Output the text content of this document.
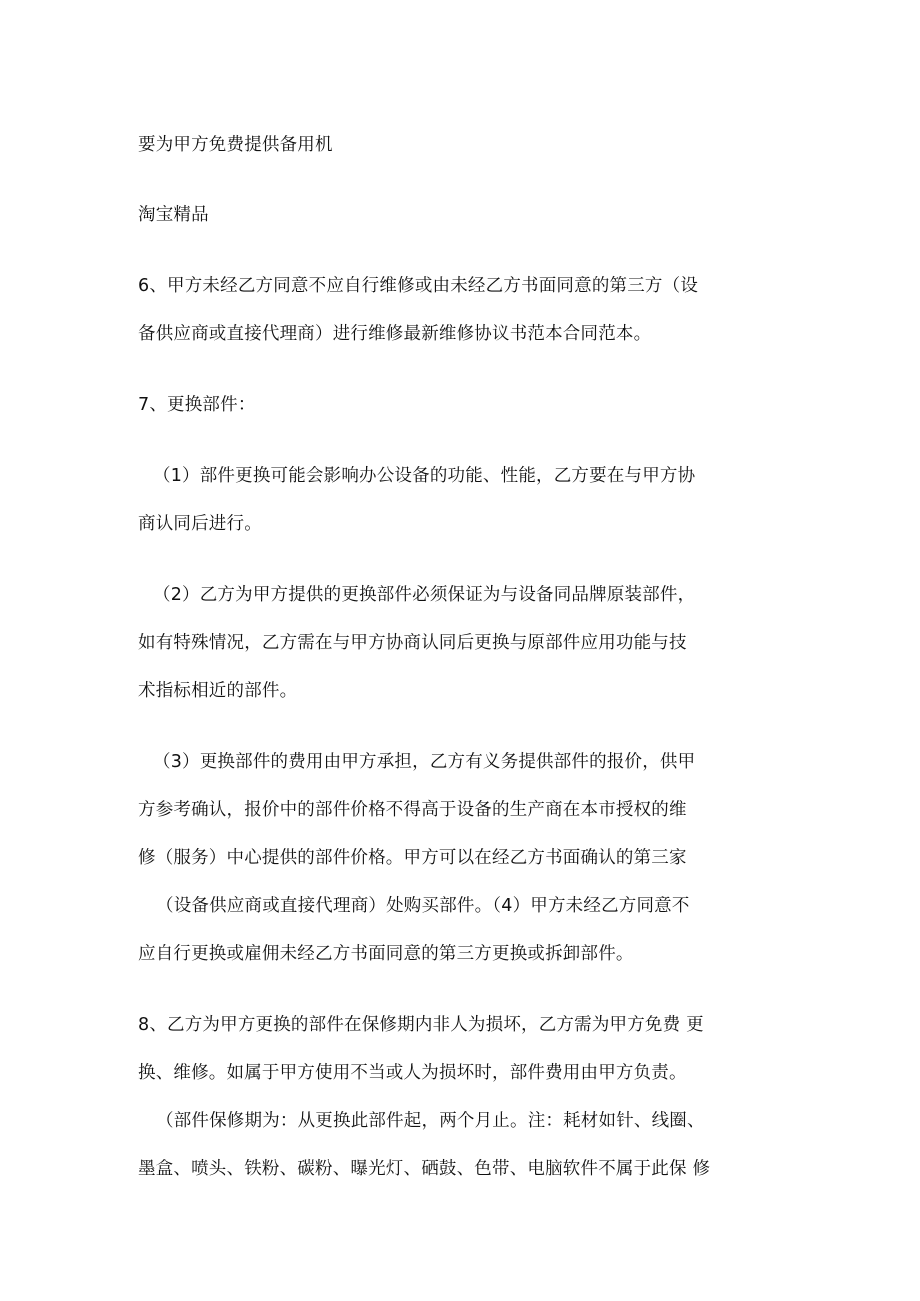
要为甲方免费提供备用机
淘宝精品
6、甲方未经乙方同意不应自行维修或由未经乙方书面同意的第三方（设
备供应商或直接代理商）进行维修最新维修协议书范本合同范本。
7、更换部件：
（1）部件更换可能会影响办公设备的功能、性能，乙方要在与甲方协
商认同后进行。
（2）乙方为甲方提供的更换部件必须保证为与设备同品牌原装部件，
如有特殊情况，乙方需在与甲方协商认同后更换与原部件应用功能与技
术指标相近的部件。
（3）更换部件的费用由甲方承担，乙方有义务提供部件的报价，供甲
方参考确认，报价中的部件价格不得高于设备的生产商在本市授权的维
修（服务）中心提供的部件价格。甲方可以在经乙方书面确认的第三家
（设备供应商或直接代理商）处购买部件。（4）甲方未经乙方同意不
应自行更换或雇佣未经乙方书面同意的第三方更换或拆卸部件。
8、乙方为甲方更换的部件在保修期内非人为损坏，乙方需为甲方免费 更
换、维修。如属于甲方使用不当或人为损坏时，部件费用由甲方负责。
（部件保修期为：从更换此部件起，两个月止。注：耗材如针、线圈、
墨盒、喷头、铁粉、碳粉、曝光灯、硒鼓、色带、电脑软件不属于此保 修
